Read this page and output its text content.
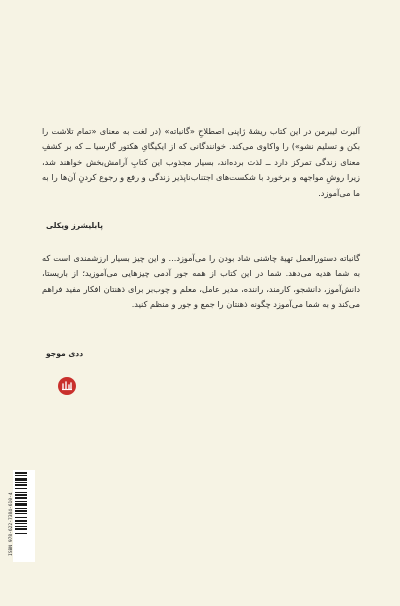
آلبرت لیبرمن در این کتاب ریشهٔ ژاپنی اصطلاحِ «گانباته» (در لغت به معنای «تمام تلاشت را بکن و تسلیم نشو») را واکاوی می‌کند. خوانندگانی که از ایکیگایِ هکتور گارسیا ــ که بر کشفِ معنای زندگی تمرکز دارد ــ لذت برده‌اند، بسیار مجذوب این کتابِ آرامش‌بخش خواهند شد، زیرا روشِ مواجهه و برخورد با شکست‌های اجتناب‌ناپذیر زندگی و رفع و رجوع کردنِ آن‌ها را به ما می‌آموزد.

پابلیشرز ویکلی

گانباته دستورالعمل تهیهٔ چاشنی شاد بودن را می‌آموزد... و این چیز بسیار ارزشمندی است که به شما هدیه می‌دهد. شما در این کتاب از همه جور آدمی چیزهایی می‌آموزید؛ از باریستا، دانش‌آموز، دانشجو، کارمند، راننده، مدیر عامل، معلم و چوب‌بر برای ذهنتان افکار مفید فراهم می‌کند و به شما می‌آموزد چگونه ذهنتان را جمع و جور و منظم کنید.

ددی موجو
ISBN 978-622-7384-610-4
